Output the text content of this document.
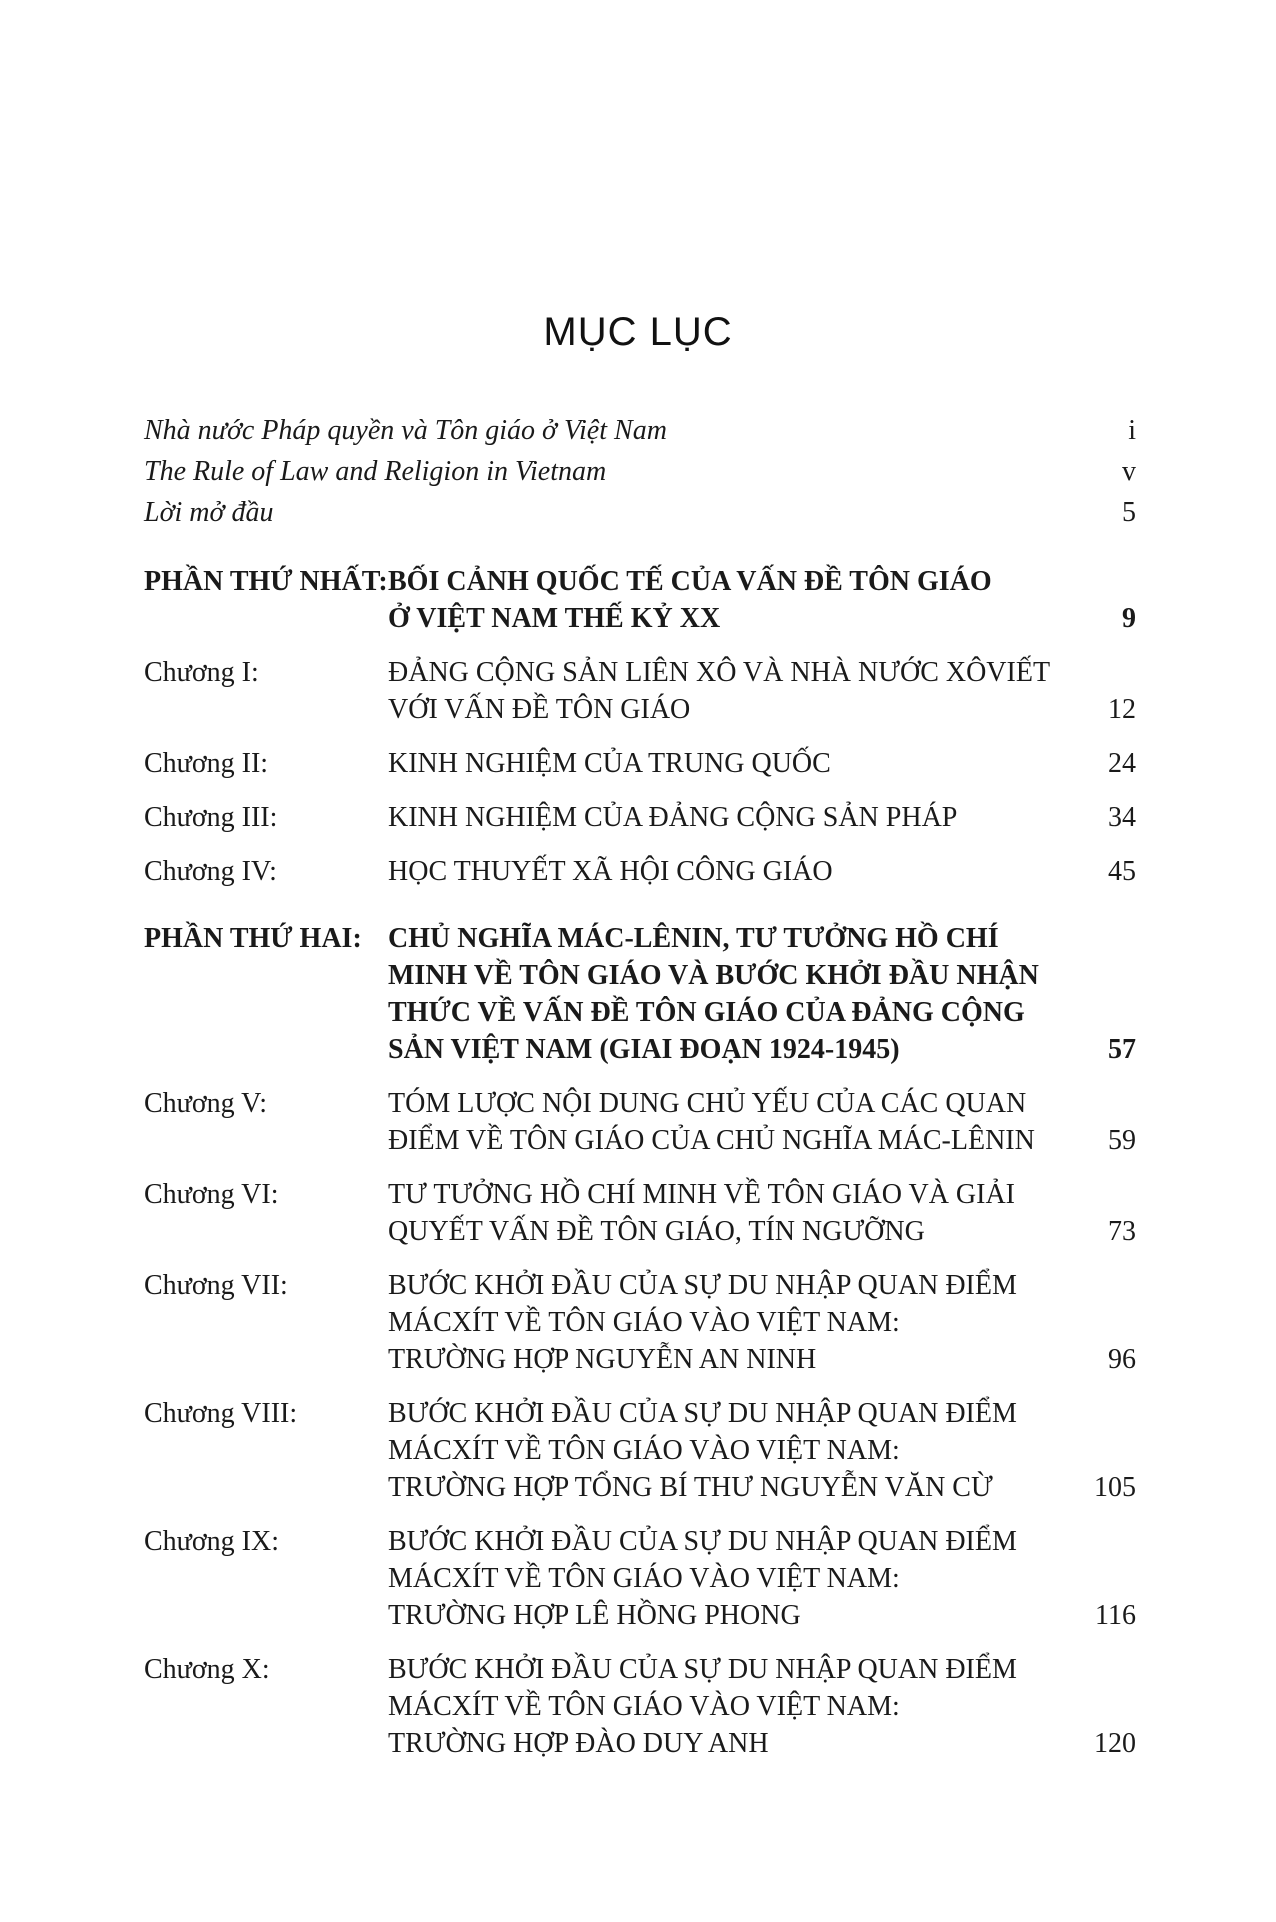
MỤC LỤC
Nhà nước Pháp quyền và Tôn giáo ở Việt Nam	i
The Rule of Law and Religion in Vietnam	v
Lời mở đầu	5
PHẦN THỨ NHẤT: BỐI CẢNH QUỐC TẾ CỦA VẤN ĐỀ TÔN GIÁO
Ở VIỆT NAM THẾ KỶ XX	9
Chương I:	ĐẢNG CỘNG SẢN LIÊN XÔ VÀ NHÀ NƯỚC XÔVIẾT
VỚI VẤN ĐỀ TÔN GIÁO	12
Chương II:	KINH NGHIỆM CỦA TRUNG QUỐC	24
Chương III:	KINH NGHIỆM CỦA ĐẢNG CỘNG SẢN PHÁP	34
Chương IV:	HỌC THUYẾT XÃ HỘI CÔNG GIÁO	45
PHẦN THỨ HAI: CHỦ NGHĨA MÁC-LÊNIN, TƯ TƯỞNG HỒ CHÍ
MINH VỀ TÔN GIÁO VÀ BƯỚC KHỞI ĐẦU NHẬN
THỨC VỀ VẤN ĐỀ TÔN GIÁO CỦA ĐẢNG CỘNG
SẢN VIỆT NAM (GIAI ĐOẠN 1924-1945)	57
Chương V:	TÓM LƯỢC NỘI DUNG CHỦ YẾU CỦA CÁC QUAN
ĐIỂM VỀ TÔN GIÁO CỦA CHỦ NGHĨA MÁC-LÊNIN	59
Chương VI:	TƯ TƯỞNG HỒ CHÍ MINH VỀ TÔN GIÁO VÀ GIẢI
QUYẾT VẤN ĐỀ TÔN GIÁO, TÍN NGƯỠNG	73
Chương VII:	BƯỚC KHỞI ĐẦU CỦA SỰ DU NHẬP QUAN ĐIỂM
MÁCXÍT VỀ TÔN GIÁO VÀO VIỆT NAM:
TRƯỜNG HỢP NGUYỄN AN NINH	96
Chương VIII:	BƯỚC KHỞI ĐẦU CỦA SỰ DU NHẬP QUAN ĐIỂM
MÁCXÍT VỀ TÔN GIÁO VÀO VIỆT NAM:
TRƯỜNG HỢP TỔNG BÍ THƯ NGUYỄN VĂN CỪ	105
Chương IX:	BƯỚC KHỞI ĐẦU CỦA SỰ DU NHẬP QUAN ĐIỂM
MÁCXÍT VỀ TÔN GIÁO VÀO VIỆT NAM:
TRƯỜNG HỢP LÊ HỒNG PHONG	116
Chương X:	BƯỚC KHỞI ĐẦU CỦA SỰ DU NHẬP QUAN ĐIỂM
MÁCXÍT VỀ TÔN GIÁO VÀO VIỆT NAM:
TRƯỜNG HỢP ĐÀO DUY ANH	120
